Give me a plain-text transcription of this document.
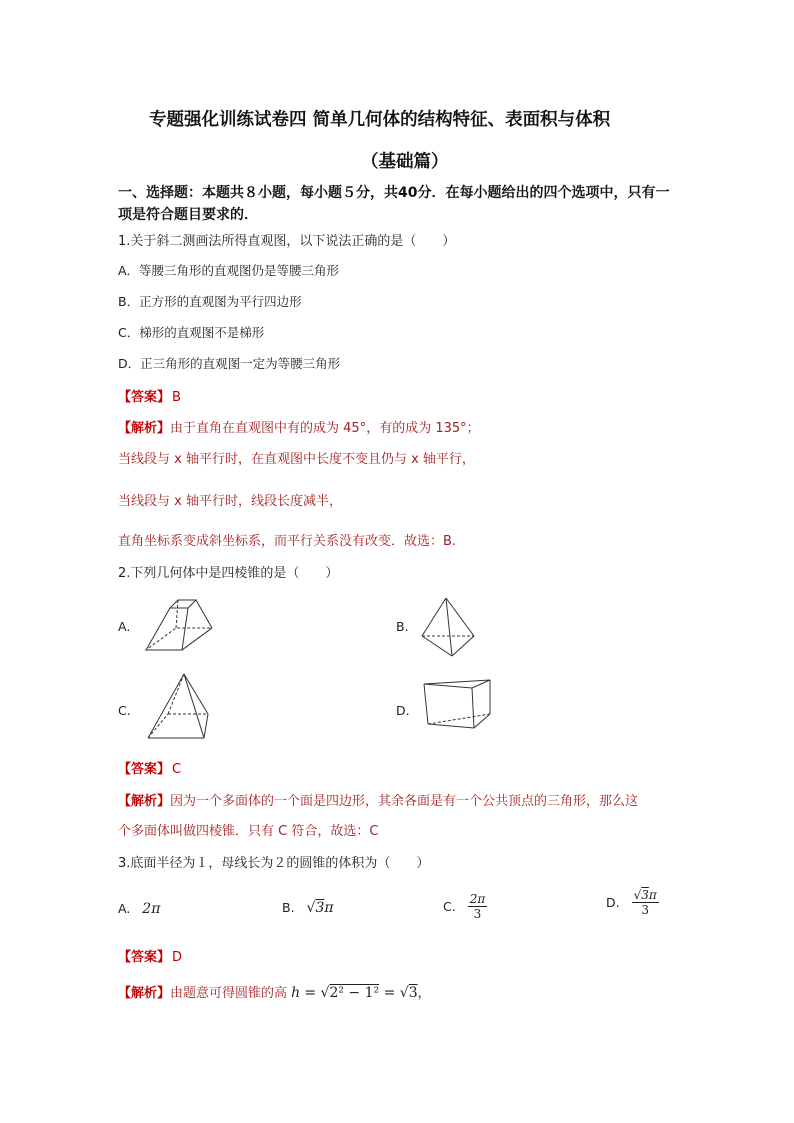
专题强化训练试卷四 简单几何体的结构特征、表面积与体积
（基础篇）
一、选择题：本题共８小题，每小题５分，共40分．在每小题给出的四个选项中，只有一
项是符合题目要求的．
1.关于斜二测画法所得直观图，以下说法正确的是（　　）
A．等腰三角形的直观图仍是等腰三角形
B．正方形的直观图为平行四边形
C．梯形的直观图不是梯形
D．正三角形的直观图一定为等腰三角形
【答案】 B
【解析】由于直角在直观图中有的成为 45°，有的成为 135°；
当线段与 x 轴平行时，在直观图中长度不变且仍与 x 轴平行，
当线段与 x 轴平行时，线段长度减半，
直角坐标系变成斜坐标系，而平行关系没有改变．故选：B.
2.下列几何体中是四棱锥的是（　　）
A.	B.
C.	D.
【答案】 C
【解析】因为一个多面体的一个面是四边形，其余各面是有一个公共顶点的三角形，那么这
个多面体叫做四棱锥．只有 C 符合，故选：C
3.底面半径为１，母线长为２的圆锥的体积为（　　）
A. 2π	B. √3π	C. $\frac{2\pi}{3}$	D. $\frac{√3\pi}{3}$
【答案】 D
【解析】由题意可得圆锥的高 h = √2² − 1² = √3，
